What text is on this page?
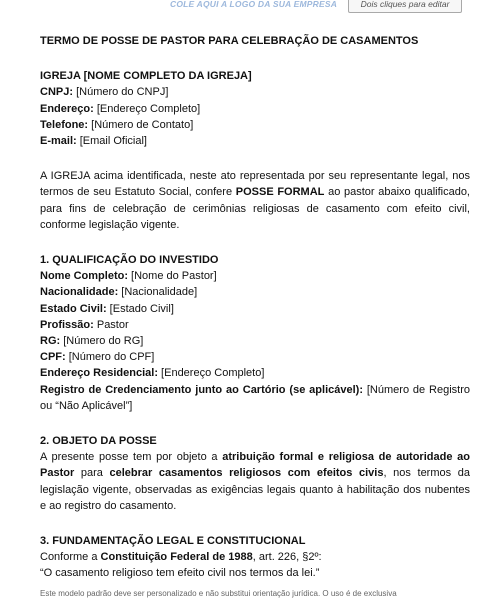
COLE AQUI A LOGO DA SUA EMPRESA	Dois cliques para editar
TERMO DE POSSE DE PASTOR PARA CELEBRAÇÃO DE CASAMENTOS
IGREJA [NOME COMPLETO DA IGREJA]
CNPJ: [Número do CNPJ]
Endereço: [Endereço Completo]
Telefone: [Número de Contato]
E-mail: [Email Oficial]

A IGREJA acima identificada, neste ato representada por seu representante legal, nos termos de seu Estatuto Social, confere POSSE FORMAL ao pastor abaixo qualificado, para fins de celebração de cerimônias religiosas de casamento com efeito civil, conforme legislação vigente.

1. QUALIFICAÇÃO DO INVESTIDO
Nome Completo: [Nome do Pastor]
Nacionalidade: [Nacionalidade]
Estado Civil: [Estado Civil]
Profissão: Pastor
RG: [Número do RG]
CPF: [Número do CPF]
Endereço Residencial: [Endereço Completo]
Registro de Credenciamento junto ao Cartório (se aplicável): [Número de Registro ou “Não Aplicável”]
2. OBJETO DA POSSE

A presente posse tem por objeto a atribuição formal e religiosa de autoridade ao Pastor para celebrar casamentos religiosos com efeitos civis, nos termos da legislação vigente, observadas as exigências legais quanto à habilitação dos nubentes e ao registro do casamento.

3. FUNDAMENTAÇÃO LEGAL E CONSTITUCIONAL
Conforme a Constituição Federal de 1988, art. 226, §2º:
“O casamento religioso tem efeito civil nos termos da lei.”
Este modelo padrão deve ser personalizado e não substitui orientação jurídica. O uso é de exclusiva
